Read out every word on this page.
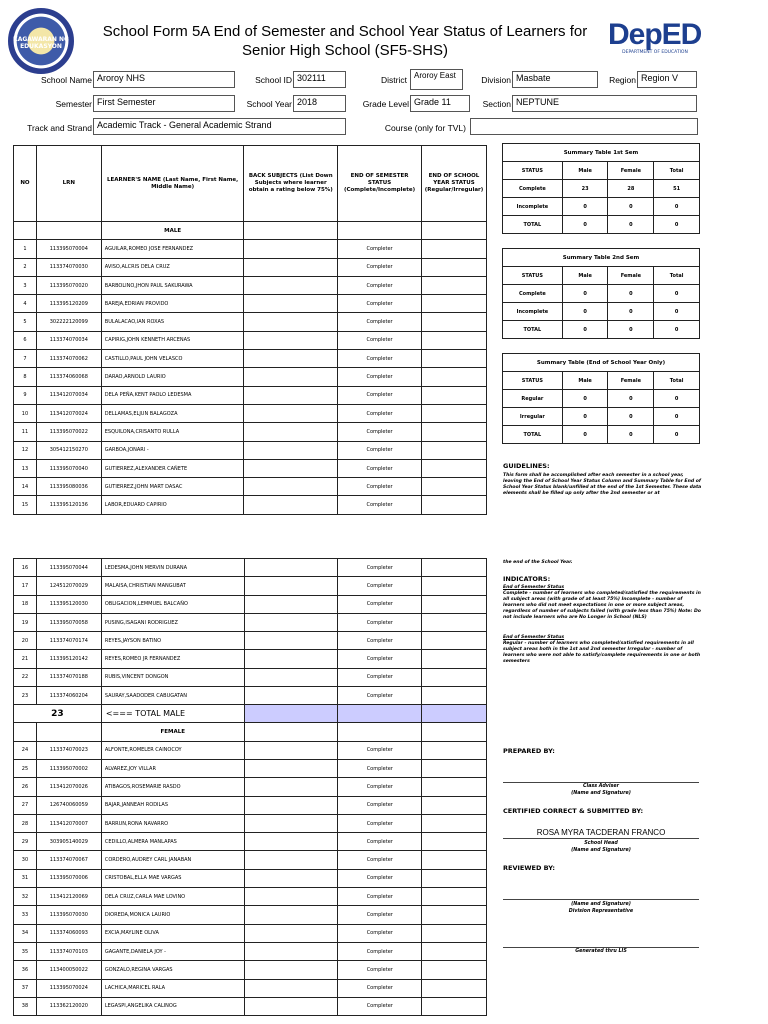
KAGAWARAN NG EDUKASYON
School Form 5A End of Semester and School Year Status of Learners for
Senior High School (SF5-SHS)	DepED
DEPARTMENT OF EDUCATION
School Name Aroroy NHS	School ID 302111	District Aroroy East	Division Masbate	Region Region V
Semester First Semester	School Year 2018	Grade Level Grade 11	Section NEPTUNE
Track and Strand Academic Track - General Academic Strand	Course (only for TVL)
NO	LRN	LEARNER'S NAME (Last Name, First Name, Middle Name)	BACK SUBJECTS (List Down Subjects where learner obtain a rating below 75%)	END OF SEMESTER STATUS (Complete/Incomplete)	END OF SCHOOL YEAR STATUS (Regular/Irregular)
		MALE			
1	113395070004	AGUILAR,ROMEO JOSE FERNANDEZ		Completer	
2	113374070030	AVISO,ALCRIS DELA CRUZ		Completer	
3	113395070020	BARBOLINO,JHON PAUL SAKURAWA		Completer	
4	113395120209	BAREJA,EDRIAN PROVIDO		Completer	
5	302222120099	BULALACAO,IAN ROXAS		Completer	
6	113374070034	CAPIRIG,JOHN KENNETH ARCENAS		Completer	
7	113374070062	CASTILLO,PAUL JOHN VELASCO		Completer	
8	113374060068	DARAO,ARNOLD LAURIO		Completer	
9	113412070034	DELA PEÑA,KENT PAOLO LEDESMA		Completer	
10	113412070024	DELLAMAS,ELJUN BALAGOZA		Completer	
11	113395070022	ESQUILONA,CRISANTO RULLA		Completer	
12	305412150270	GARBOA,JONARI -		Completer	
13	113395070040	GUTIERREZ,ALEXANDER CAÑETE		Completer	
14	113395080036	GUTIERREZ,JOHN MART DASAC		Completer	
15	113395120136	LABOR,EDUARD CAPIRIO		Completer	
16	113395070044	LEDESMA,JOHN MERVIN DURANA		Completer	
17	124512070029	MALAISA,CHRISTIAN MANGUBAT		Completer	
18	113395120030	OBLIGACION,LEMMUEL BALCAÑO		Completer	
19	113395070058	PUSING,ISAGANI RODRIGUEZ		Completer	
20	113374070174	REYES,JAYSON BATINO		Completer	
21	113395120142	REYES,ROMEO JR FERNANDEZ		Completer	
22	113374070188	RUBIS,VINCENT DONGON		Completer	
23	113374060204	SAURAY,SAADODER CABUGATAN		Completer	
23		<=== TOTAL MALE			
		FEMALE			
24	113374070023	ALFONTE,ROMELER CAINOCOY		Completer	
25	113395070002	ALVAREZ,JOY VILLAR		Completer	
26	113412070026	ATIBAGOS,ROSEMARIE RASDO		Completer	
27	126740060059	BAJAR,JANNEAH RODILAS		Completer	
28	113412070007	BARRUN,RONA NAVARRO		Completer	
29	303905140029	CEDILLO,ALMERA MANLAPAS		Completer	
30	113374070067	CORDERO,AUDREY CARL JANABAN		Completer	
31	113395070006	CRISTOBAL,ELLA MAE VARGAS		Completer	
32	113412120069	DELA CRUZ,CARLA MAE LOVINO		Completer	
33	113395070030	DIOREDA,MONICA LAURIO		Completer	
34	113374060093	EXCIA,MAYLINE OLIVA		Completer	
35	113374070103	GAGANTE,DANIELA JOY -		Completer	
36	113400050022	GONZALO,REGINA VARGAS		Completer	
37	113395070024	LACHICA,MARICEL RALA		Completer	
38	113362120020	LEGASPI,ANGELIKA CALINOG		Completer	
Summary Table 1st Sem			
STATUS	Male	Female	Total
Complete	23	28	51
Incomplete	0	0	0
TOTAL	0	0	0
Summary Table 2nd Sem			
STATUS	Male	Female	Total
Complete	0	0	0
Incomplete	0	0	0
TOTAL	0	0	0
Summary Table (End of School Year Only)			
STATUS	Male	Female	Total
Regular	0	0	0
Irregular	0	0	0
TOTAL	0	0	0
GUIDELINES:
This form shall be accomplished after each semester in a school year, leaving the End of School Year Status Column and Summary Table for End of School Year Status blank/unfilled at the end of the 1st Semester. These data elements shall be filled up only after the 2nd semester or at
the end of the School Year.
INDICATORS:
End of Semester Status
Complete - number of learners who completed/satisfied the requirements in all subject areas (with grade of at least 75%) Incomplete - number of learners who did not meet expectations in one or more subject areas, regardless of number of subjects failed (with grade less than 75%) Note: Do not include learners who are No Longer in School (NLS)
End of Semester Status
Regular - number of learners who completed/satisfied requirements in all subject areas both in the 1st and 2nd semester Irregular - number of learners who were not able to satisfy/complete requirements in one or both semesters
PREPARED BY:
Class Adviser
(Name and Signature)
CERTIFIED CORRECT & SUBMITTED BY:
ROSA MYRA TACDERAN FRANCO
School Head
(Name and Signature)
REVIEWED BY:
(Name and Signature)
Division Representative
Generated thru LIS
